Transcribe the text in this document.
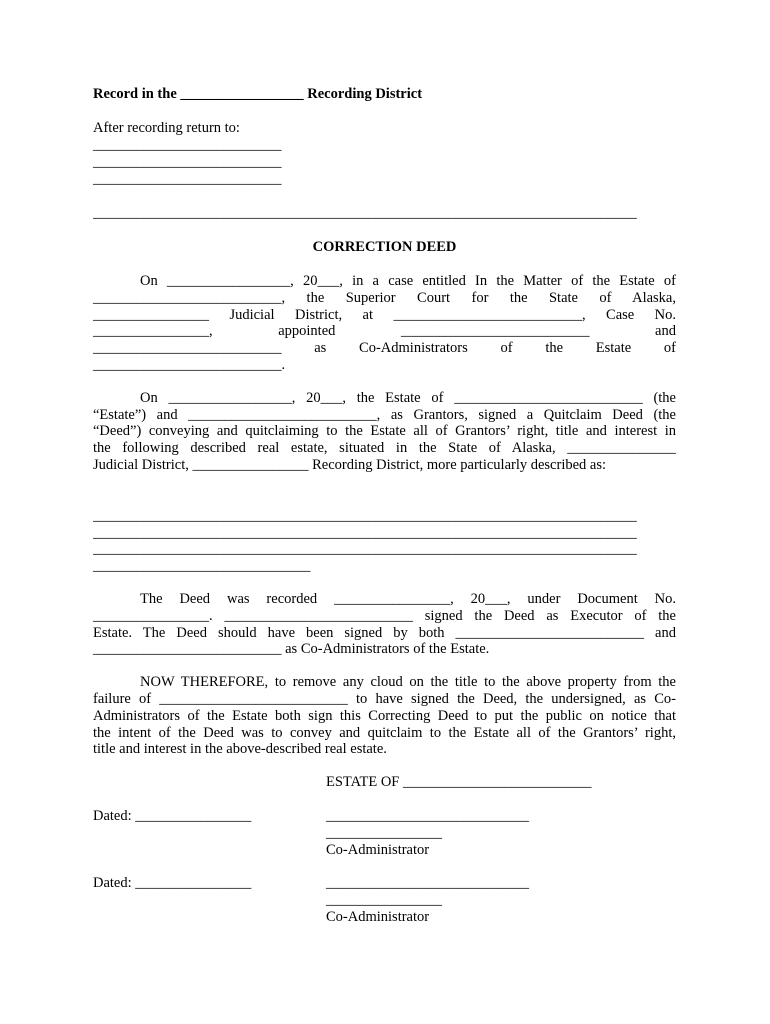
Record in the _________________ Recording District

After recording return to:

__________________________

__________________________

__________________________

___________________________________________________________________________

CORRECTION DEED

On _________________, 20___, in a case entitled In the Matter of the Estate of
__________________________, the Superior Court for the State of Alaska,
________________ Judicial District, at __________________________, Case No.
________________, appointed __________________________ and
__________________________ as Co-Administrators of the Estate of
__________________________.
On _________________, 20___, the Estate of __________________________ (the
“Estate”) and __________________________, as Grantors, signed a Quitclaim Deed (the
“Deed”) conveying and quitclaiming to the Estate all of Grantors’ right, title and interest in
the following described real estate, situated in the State of Alaska, _______________
Judicial District, ________________ Recording District, more particularly described as:
___________________________________________________________________________
___________________________________________________________________________
___________________________________________________________________________
______________________________
The Deed was recorded ________________, 20___, under Document No.
________________. __________________________ signed the Deed as Executor of the
Estate. The Deed should have been signed by both __________________________ and
__________________________ as Co-Administrators of the Estate.
NOW THEREFORE, to remove any cloud on the title to the above property from the
failure of __________________________ to have signed the Deed, the undersigned, as Co-
Administrators of the Estate both sign this Correcting Deed to put the public on notice that
the intent of the Deed was to convey and quitclaim to the Estate all of the Grantors’ right,
title and interest in the above-described real estate.

ESTATE OF __________________________

Dated: ________________

	____________________________

________________

Co-Administrator

Dated: ________________

	____________________________

________________

Co-Administrator
